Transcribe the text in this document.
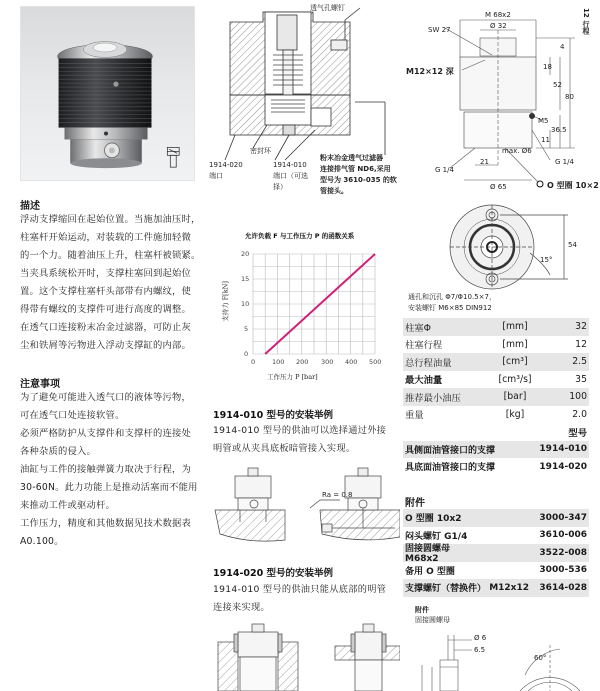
描述
浮动支撑缩回在起始位置。当施加油压时，
柱塞杆开始运动，对装载的工件施加轻微
的一个力。随着油压上升，柱塞杆被锁紧。
当夹具系统松开时，支撑柱塞回到起始位
置。这个支撑柱塞杆头部带有内螺纹，使
得带有螺纹的支撑件可进行高度的调整。
在透气口连接粉末冶金过滤器，可防止灰
尘和铁屑等污物进入浮动支撑缸的内部。
注意事项
为了避免可能进入透气口的液体等污物，
可在透气口处连接软管。
必须严格防护从支撑件和支撑杆的连接处
各种杂质的侵入。
油缸与工件的接触弹簧力取决于行程，为
30-60N。此力功能上是推动活塞而不能用
来推动工件或驱动杆。
工作压力，精度和其他数据见技术数据表
A0.100。
透气孔螺钉
密封环
1914-020
端口
1914-010
端口（可选
择）
粉末冶金透气过滤器
连接排气管 ND6,采用
型号为 3610-035 的软
管接头。
M 68x2
SW 27	Ø 32	12 行程
M12×12 深
4
18
52
80
M5
36.5
11
max. Ø6
G 1/4
G 1/4
21
Ø 65	O 型圈 10×2
15°
54
通孔和沉孔 Φ7/Φ10.5×7，
安装螺钉 M6×85 DIN912
允许负载 F 与工作压力 P 的函数关系
20
15
10
5
0
0	100 200 300 400 500
工作压力 P [bar]
支持力 F[kN]
1914-010 型号的安装举例
1914-010 型号的供油可以选择通过外接
明管或从夹具底板暗管接入实现。
Ra = 0.8
1914-020 型号的安装举例
1914-010 型号的供油只能从底部的明管
连接来实现。
柱塞Φ	[mm]	32
柱塞行程	[mm]	12
总行程油量	[cm³]	2.5
最大油量	[cm³/s]	35
推荐最小油压	[bar]	100
重量	[kg]	2.0
型号
具侧面油管接口的支撑	1914-010
具底面油管接口的支撑	1914-020
附件
O 型圈 10x2	3000-347
闷头螺钉 G1/4	3610-006
固接圆螺母 M68x2
3522-008
备用 O 型圈	3000-536
支撑螺钉（替换件） M12x12	3614-028
附件
固接圆螺母
Ø 6
6.5
60°
